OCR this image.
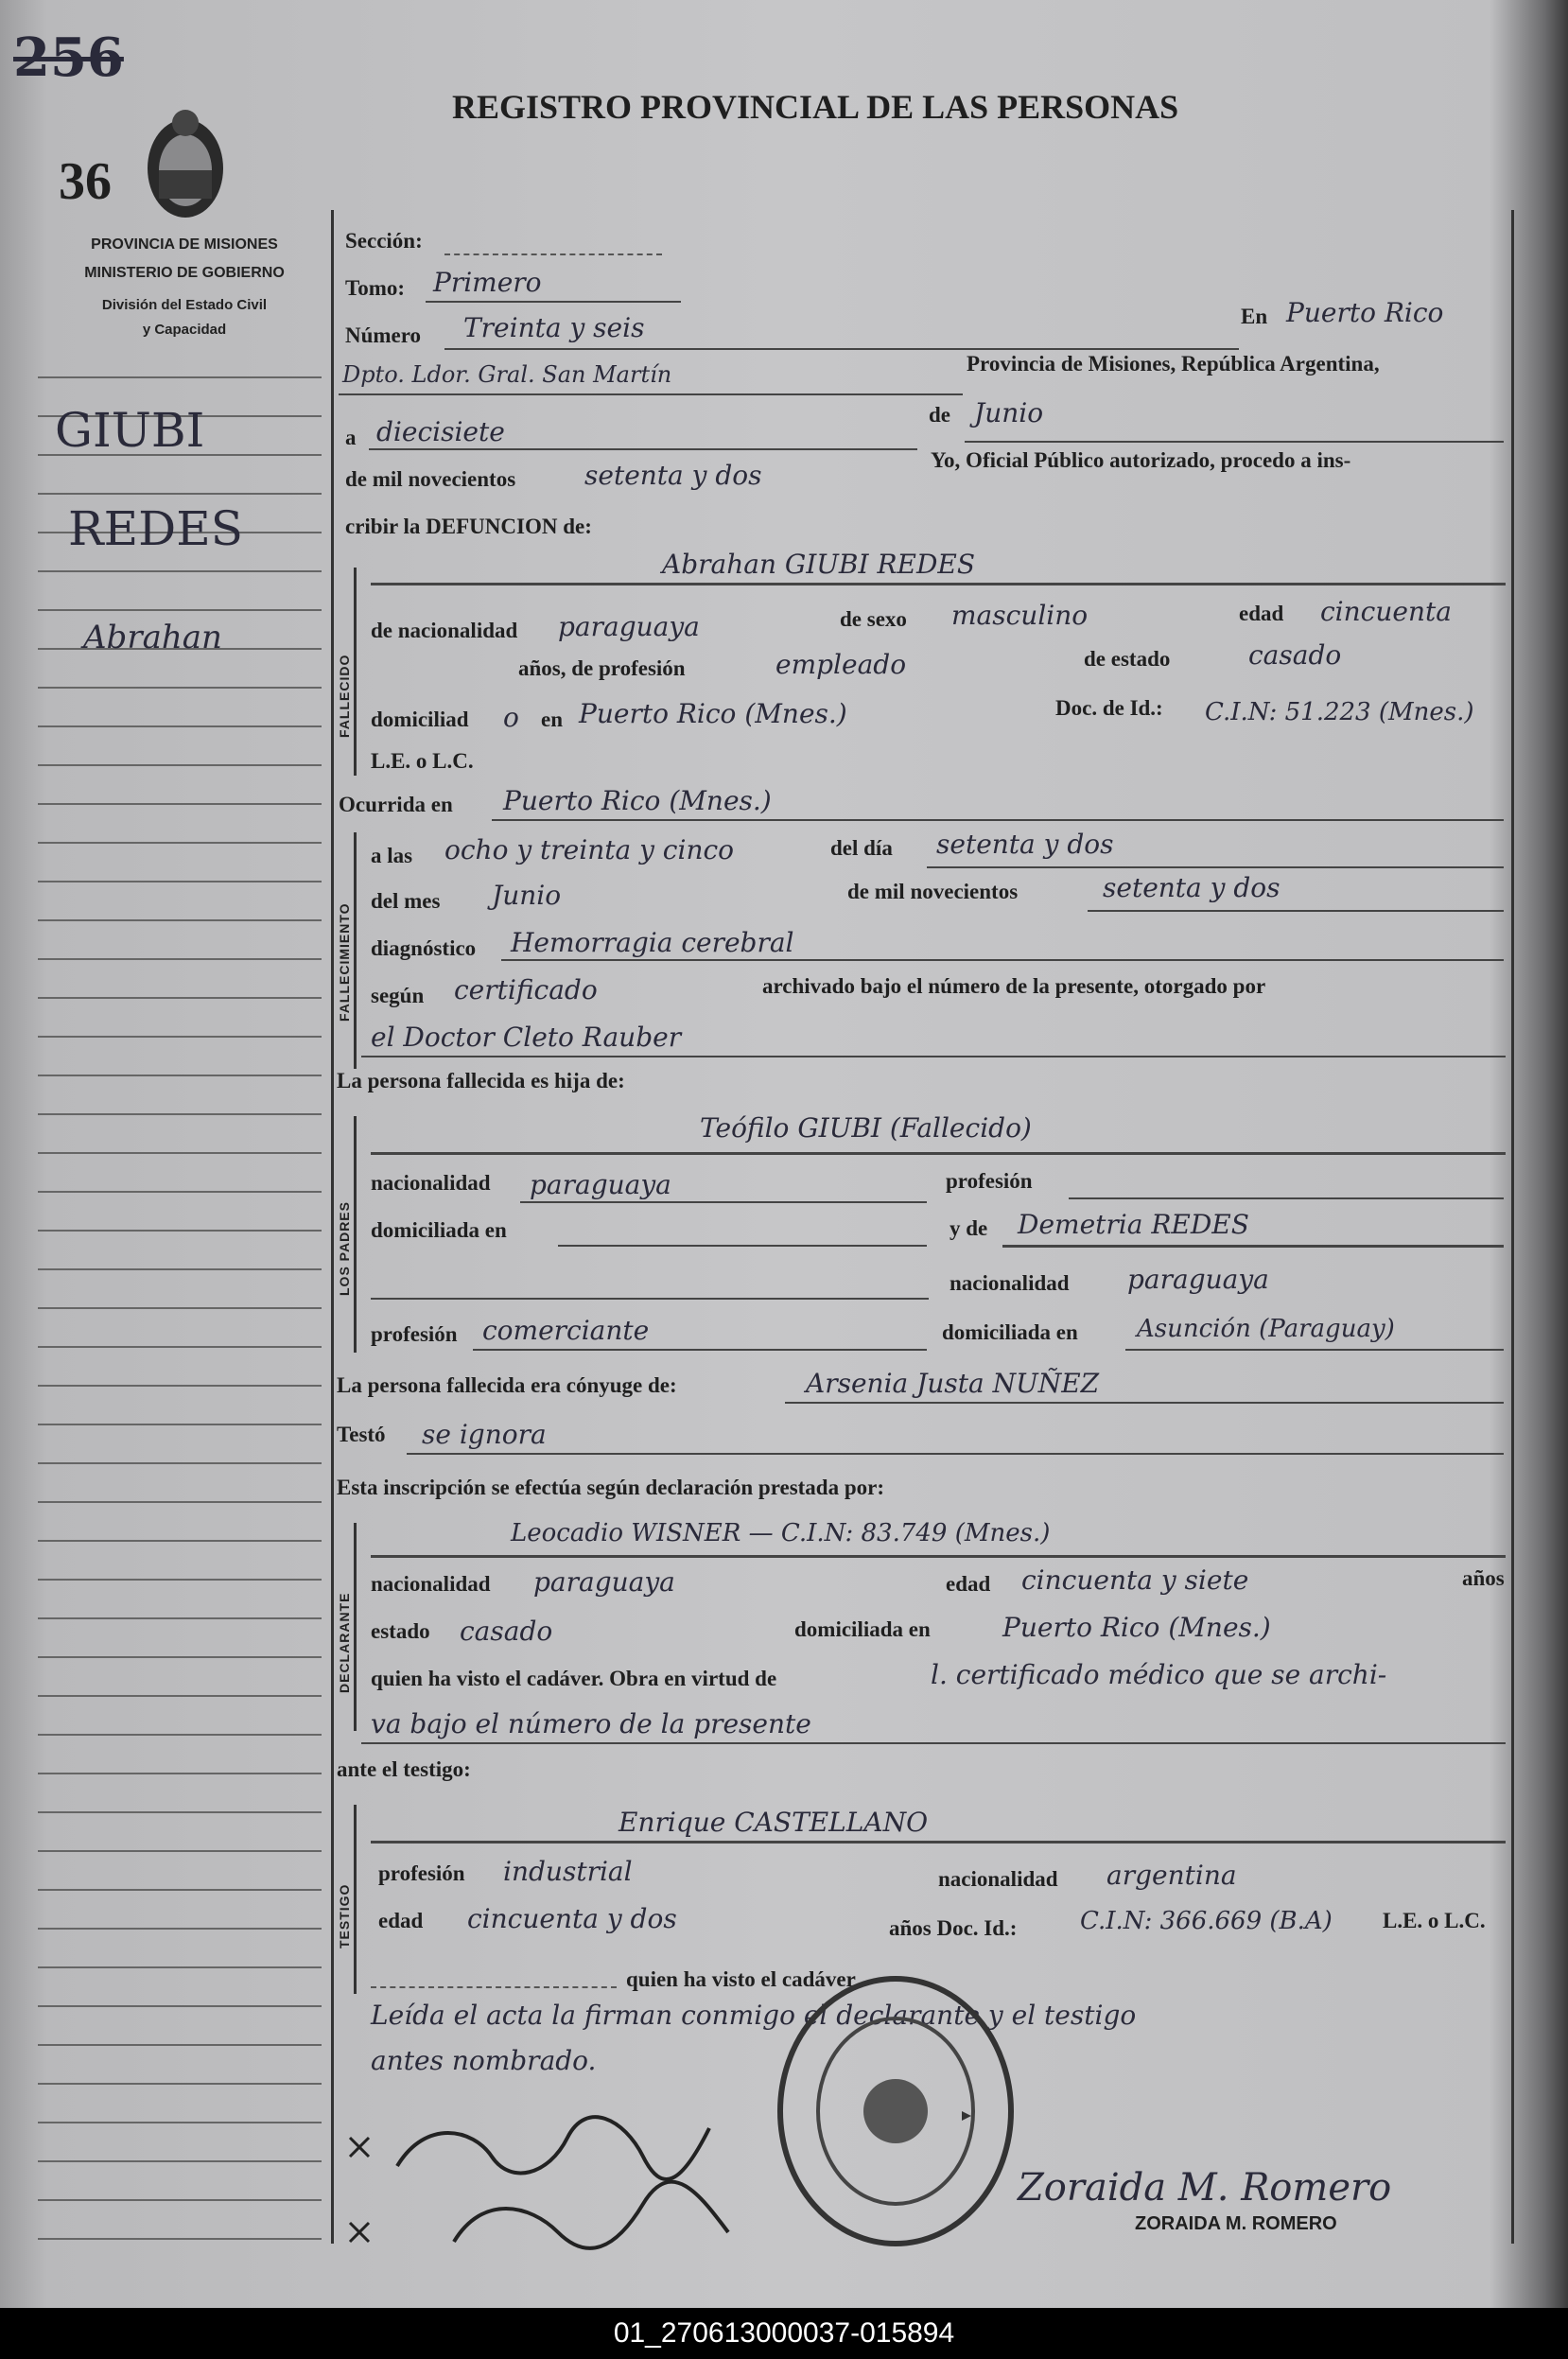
256
36
REGISTRO PROVINCIAL DE LAS PERSONAS
PROVINCIA DE MISIONES
MINISTERIO DE GOBIERNO
División del Estado Civil
y Capacidad
GIUBI
REDES
Abrahan
Sección:
Tomo: Primero
Número Treinta y seis	En Puerto Rico
Dpto. Ldor. Gral. San Martín	Provincia de Misiones, República Argentina,
a diecisiete
de Junio
de mil novecientos	setenta y dos	Yo, Oficial Público autorizado, procedo a ins-
cribir la DEFUNCION de:
FALLECIDO
Abrahan GIUBI REDES
de nacionalidad paraguaya	de sexo masculino	edad cincuenta
años, de profesión	empleado	de estado	casado
domiciliad o en Puerto Rico (Mnes.)	Doc. de Id.: C.I.N: 51.223 (Mnes.)
L.E. o L.C.
Ocurrida en Puerto Rico (Mnes.)
FALLECIMIENTO
a las ocho y treinta y cinco	del día setenta y dos
del mes Junio	de mil novecientos	setenta y dos
diagnóstico Hemorragia cerebral
según certificado	archivado bajo el número de la presente, otorgado por
el Doctor Cleto Rauber
La persona fallecida es hija de:
LOS PADRES
Teófilo GIUBI (Fallecido)
nacionalidad paraguaya	profesión
domiciliada en	y de Demetria REDES
nacionalidad paraguaya
profesión comerciante	domiciliada en Asunción (Paraguay)
La persona fallecida era cónyuge de:	Arsenia Justa NUÑEZ
Testó se ignora
Esta inscripción se efectúa según declaración prestada por:
DECLARANTE
Leocadio WISNER — C.I.N: 83.749 (Mnes.)
nacionalidad paraguaya	edad cincuenta y siete	años
estado casado	domiciliada en	Puerto Rico (Mnes.)
quien ha visto el cadáver. Obra en virtud de	l. certificado médico que se archi-
va bajo el número de la presente
ante el testigo:
TESTIGO
Enrique CASTELLANO
profesión industrial	nacionalidad argentina
edad cincuenta y dos	años Doc. Id.:	C.I.N: 366.669 (B.A) L.E. o L.C.
quien ha visto el cadáver
Leída el acta la firman conmigo el declarante y el testigo
antes nombrado.
Zoraida M. Romero
ZORAIDA M. ROMERO
01_270613000037-015894
